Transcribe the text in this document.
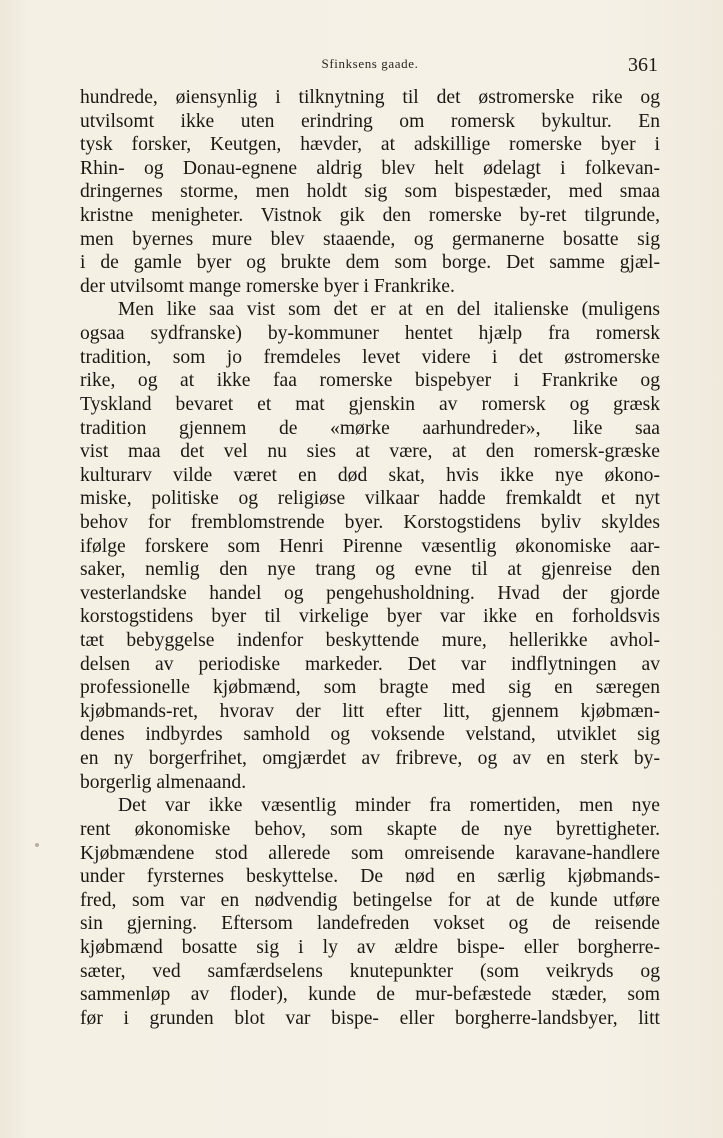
Sfinksens gaade.	361
hundrede, øiensynlig i tilknytning til det østromerske rike og
utvilsomt ikke uten erindring om romersk bykultur. En
tysk forsker, Keutgen, hævder, at adskillige romerske byer i
Rhin- og Donau-egnene aldrig blev helt ødelagt i folkevan-
dringernes storme, men holdt sig som bispestæder, med smaa
kristne menigheter. Vistnok gik den romerske by-ret tilgrunde,
men byernes mure blev staaende, og germanerne bosatte sig
i de gamle byer og brukte dem som borge. Det samme gjæl-
der utvilsomt mange romerske byer i Frankrike.
Men like saa vist som det er at en del italienske (muligens
ogsaa sydfranske) by-kommuner hentet hjælp fra romersk
tradition, som jo fremdeles levet videre i det østromerske
rike, og at ikke faa romerske bispebyer i Frankrike og
Tyskland bevaret et mat gjenskin av romersk og græsk
tradition gjennem de «mørke aarhundreder», like saa
vist maa det vel nu sies at være, at den romersk-græske
kulturarv vilde været en død skat, hvis ikke nye økono-
miske, politiske og religiøse vilkaar hadde fremkaldt et nyt
behov for fremblomstrende byer. Korstogstidens byliv skyldes
ifølge forskere som Henri Pirenne væsentlig økonomiske aar-
saker, nemlig den nye trang og evne til at gjenreise den
vesterlandske handel og pengehusholdning. Hvad der gjorde
korstogstidens byer til virkelige byer var ikke en forholdsvis
tæt bebyggelse indenfor beskyttende mure, hellerikke avhol-
delsen av periodiske markeder. Det var indflytningen av
professionelle kjøbmænd, som bragte med sig en særegen
kjøbmands-ret, hvorav der litt efter litt, gjennem kjøbmæn-
denes indbyrdes samhold og voksende velstand, utviklet sig
en ny borgerfrihet, omgjærdet av fribreve, og av en sterk by-
borgerlig almenaand.
Det var ikke væsentlig minder fra romertiden, men nye
rent økonomiske behov, som skapte de nye byrettigheter.
Kjøbmændene stod allerede som omreisende karavane-handlere
under fyrsternes beskyttelse. De nød en særlig kjøbmands-
fred, som var en nødvendig betingelse for at de kunde utføre
sin gjerning. Eftersom landefreden vokset og de reisende
kjøbmænd bosatte sig i ly av ældre bispe- eller borgherre-
sæter, ved samfærdselens knutepunkter (som veikryds og
sammenløp av floder), kunde de mur-befæstede stæder, som
før i grunden blot var bispe- eller borgherre-landsbyer, litt
